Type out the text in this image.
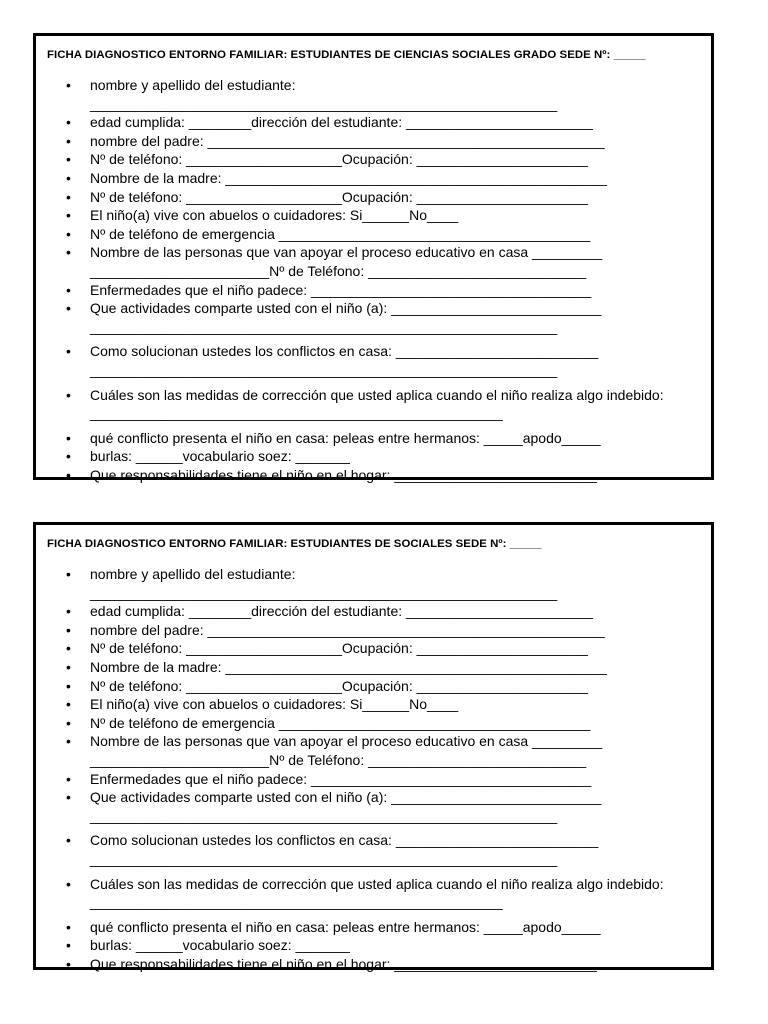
FICHA DIAGNOSTICO ENTORNO FAMILIAR: ESTUDIANTES DE CIENCIAS SOCIALES GRADO SEDE Nº: _____
• nombre y apellido del estudiante:
____________________________________________________________
• edad cumplida: ________dirección del estudiante: ________________________
• nombre del padre: ___________________________________________________
• Nº de teléfono: ____________________Ocupación: ______________________
• Nombre de la madre: _________________________________________________
• Nº de teléfono: ____________________Ocupación: ______________________
• El niño(a) vive con abuelos o cuidadores: Si______No____
• Nº de teléfono de emergencia ________________________________________
• Nombre de las personas que van apoyar el proceso educativo en casa _________
_______________________Nº de Teléfono: ____________________________
• Enfermedades que el niño padece: ____________________________________
• Que actividades comparte usted con el niño (a): ___________________________
____________________________________________________________
• Como solucionan ustedes los conflictos en casa: __________________________
____________________________________________________________
• Cuáles son las medidas de corrección que usted aplica cuando el niño realiza algo indebido:
_____________________________________________________
• qué conflicto presenta el niño en casa: peleas entre hermanos: _____apodo_____
• burlas: ______vocabulario soez: _______
• Que responsabilidades tiene el niño en el hogar: __________________________
FICHA DIAGNOSTICO ENTORNO FAMILIAR: ESTUDIANTES DE SOCIALES SEDE Nº: _____
• nombre y apellido del estudiante:
____________________________________________________________
• edad cumplida: ________dirección del estudiante: ________________________
• nombre del padre: ___________________________________________________
• Nº de teléfono: ____________________Ocupación: ______________________
• Nombre de la madre: _________________________________________________
• Nº de teléfono: ____________________Ocupación: ______________________
• El niño(a) vive con abuelos o cuidadores: Si______No____
• Nº de teléfono de emergencia ________________________________________
• Nombre de las personas que van apoyar el proceso educativo en casa _________
_______________________Nº de Teléfono: ____________________________
• Enfermedades que el niño padece: ____________________________________
• Que actividades comparte usted con el niño (a): ___________________________
____________________________________________________________
• Como solucionan ustedes los conflictos en casa: __________________________
____________________________________________________________
• Cuáles son las medidas de corrección que usted aplica cuando el niño realiza algo indebido:
_____________________________________________________
• qué conflicto presenta el niño en casa: peleas entre hermanos: _____apodo_____
• burlas: ______vocabulario soez: _______
• Que responsabilidades tiene el niño en el hogar: __________________________
